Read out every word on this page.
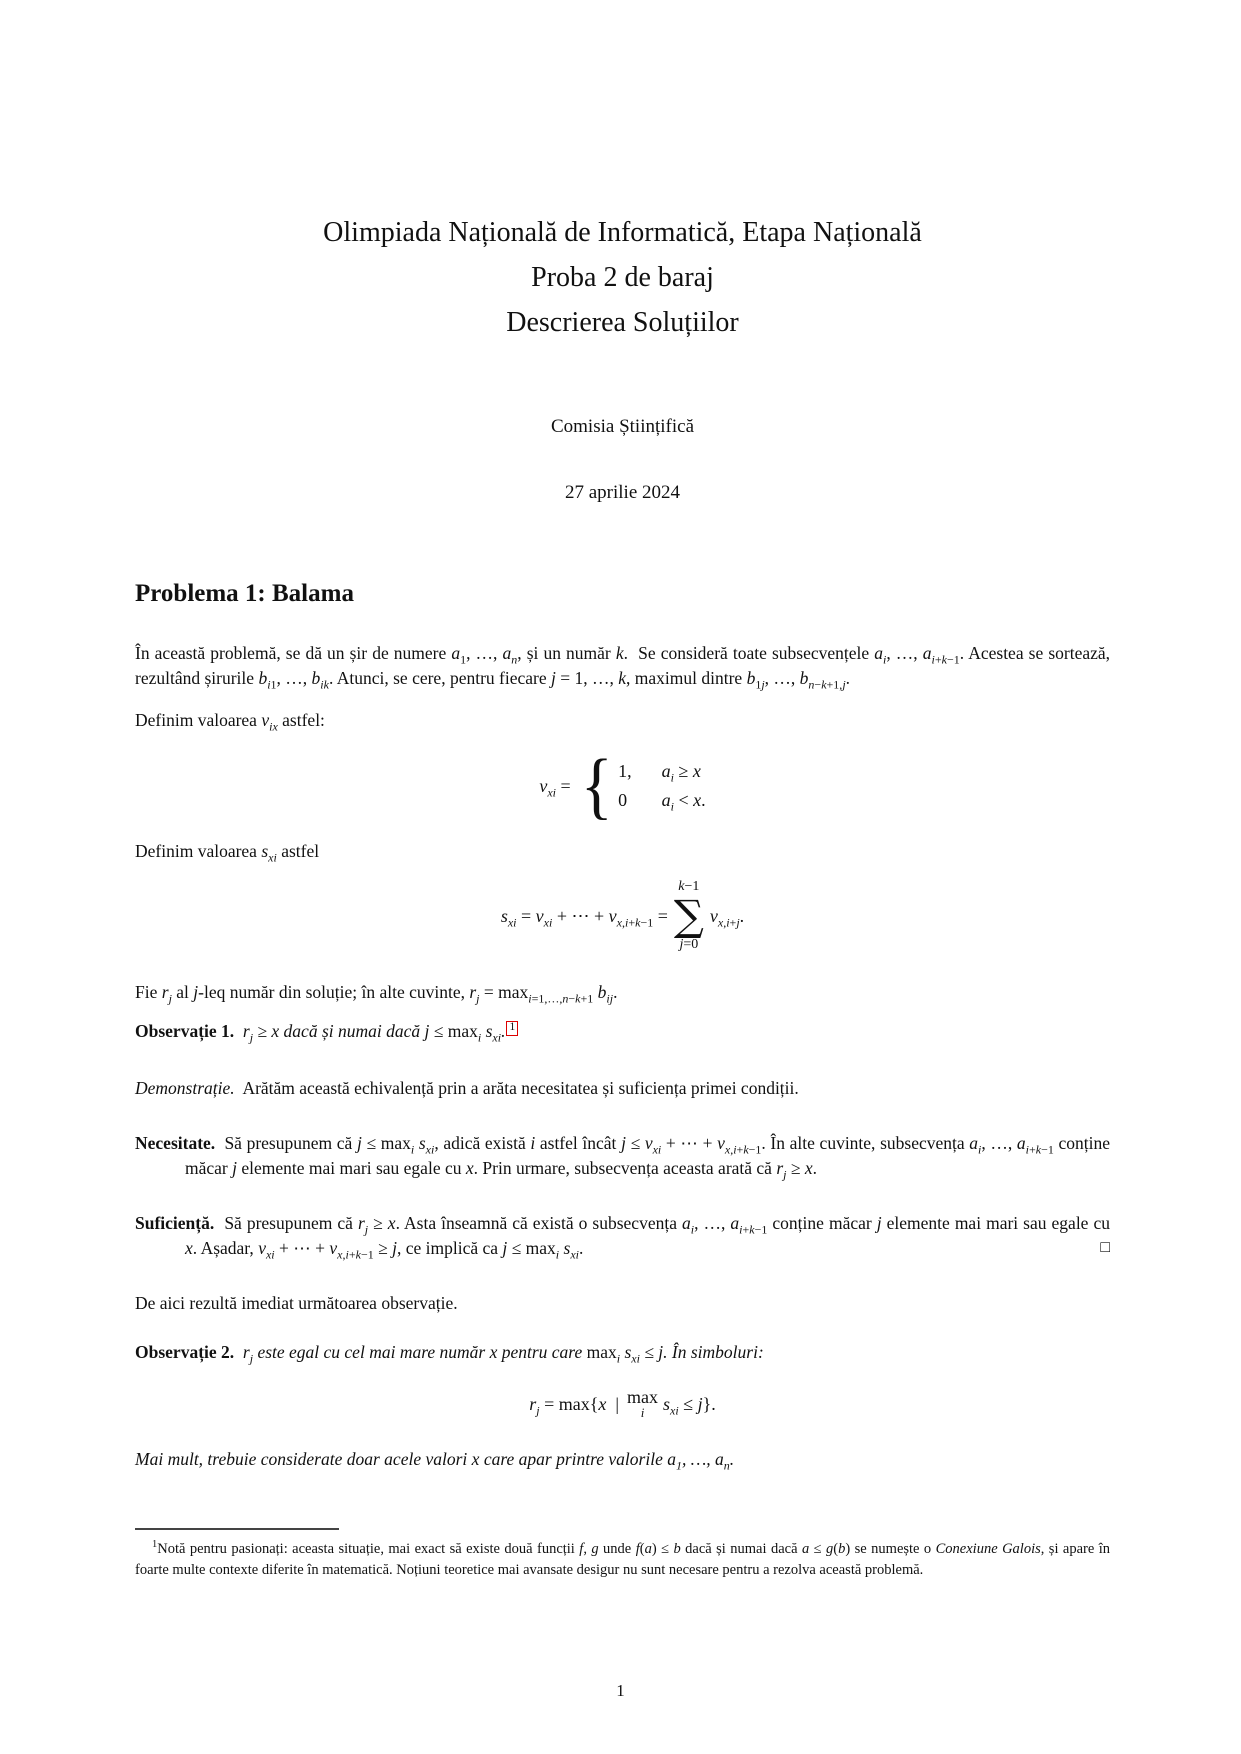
Olimpiada Națională de Informatică, Etapa Națională
Proba 2 de baraj
Descrierea Soluțiilor
Comisia Științifică
27 aprilie 2024
Problema 1: Balama

În această problemă, se dă un șir de numere $a_1$, …, $a_n$, și un număr k.  Se consideră toate subsecvențele $a_i$, …, $a_{i+k-1}$. Acestea se sortează, rezultând șirurile $b_{i1}$, …, $b_{ik}$. Atunci, se cere, pentru fiecare j = 1, …, k, maximul dintre $b_{1j}$, …, $b_{n-k+1,j}$.

Definim valoarea $v_{ix}$ astfel:

$v_{xi}$ = { 1, $a_i \ge x$
0 $a_i < x$.

Definim valoarea $s_{xi}$ astfel

$s_{xi} = v_{xi}$ + ⋯ + $v_{x,i+k-1}$ =
k−1
∑
j=0
$v_{x,i+j}$.

Fie $r_j$ al j-leq număr din soluție; în alte cuvinte, $r_j = \max_{i=1,\dots,n-k+1} b_{ij}$.

Observație 1. $r_j \ge x$ dacă și numai dacă $j \le \max_i s_{xi}$. 1

Demonstrație.  Arătăm această echivalență prin a arăta necesitatea și suficiența primei condiții.

Necesitate. Să presupunem că $j \le \max_i s_{xi}$, adică există i astfel încât $j \le v_{xi}$ + ⋯ + $v_{x,i+k-1}$. În alte cuvinte, subsecvența $a_i$, …, $a_{i+k-1}$ conține măcar j elemente mai mari sau egale cu x. Prin urmare, subsecvența aceasta arată că $r_j \ge x$.

Suficiență. Să presupunem că $r_j \ge x$. Asta înseamnă că există o subsecvența $a_i$, …, $a_{i+k-1}$ conține măcar j elemente mai mari sau egale cu x. Așadar, $v_{xi}$ + ⋯ + $v_{x,i+k-1} \ge j$, ce implică ca $j \le \max_i s_{xi}$.	□

De aici rezultă imediat următoarea observație.

Observație 2. $r_j$ este egal cu cel mai mare număr x pentru care $\max_i s_{xi} \le j$. În simboluri:

$r_j = \max\{x$  | max
i $s_{xi} \le j$}.

Mai mult, trebuie considerate doar acele valori x care apar printre valorile $a_1$, …, $a_n$.

$^1$Notă pentru pasionați: aceasta situație, mai exact să existe două funcții f, g unde f(a) ≤ b dacă și numai dacă a ≤ g(b) se numește o Conexiune Galois, și apare în foarte multe contexte diferite în matematică. Noțiuni teoretice mai avansate desigur nu sunt necesare pentru a rezolva această problemă.
1
